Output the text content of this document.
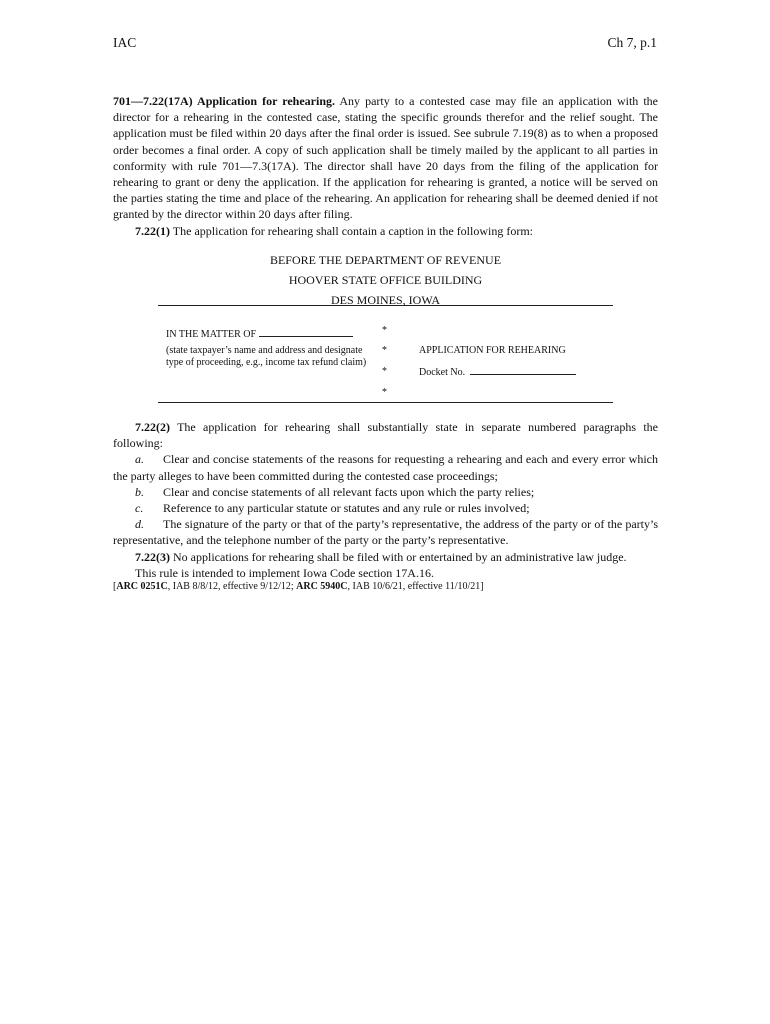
IAC	Ch 7, p.1

701—7.22(17A) Application for rehearing. Any party to a contested case may file an application with the director for a rehearing in the contested case, stating the specific grounds therefor and the relief sought. The application must be filed within 20 days after the final order is issued. See subrule 7.19(8) as to when a proposed order becomes a final order. A copy of such application shall be timely mailed by the applicant to all parties in conformity with rule 701—7.3(17A). The director shall have 20 days from the filing of the application for rehearing to grant or deny the application. If the application for rehearing is granted, a notice will be served on the parties stating the time and place of the rehearing. An application for rehearing shall be deemed denied if not granted by the director within 20 days after filing.

7.22(1) The application for rehearing shall contain a caption in the following form:

BEFORE THE DEPARTMENT OF REVENUE

HOOVER STATE OFFICE BUILDING

DES MOINES, IOWA

IN THE MATTER OF
(state taxpayer’s name and address and designate type of proceeding, e.g., income tax refund claim)
*
*
*
*
APPLICATION FOR REHEARING
Docket No.

7.22(2) The application for rehearing shall substantially state in separate numbered paragraphs the following:

a. Clear and concise statements of the reasons for requesting a rehearing and each and every error which the party alleges to have been committed during the contested case proceedings;

b. Clear and concise statements of all relevant facts upon which the party relies;

c. Reference to any particular statute or statutes and any rule or rules involved;

d. The signature of the party or that of the party’s representative, the address of the party or of the party’s representative, and the telephone number of the party or the party’s representative.

7.22(3) No applications for rehearing shall be filed with or entertained by an administrative law judge.

This rule is intended to implement Iowa Code section 17A.16.

[ARC 0251C, IAB 8/8/12, effective 9/12/12; ARC 5940C, IAB 10/6/21, effective 11/10/21]
